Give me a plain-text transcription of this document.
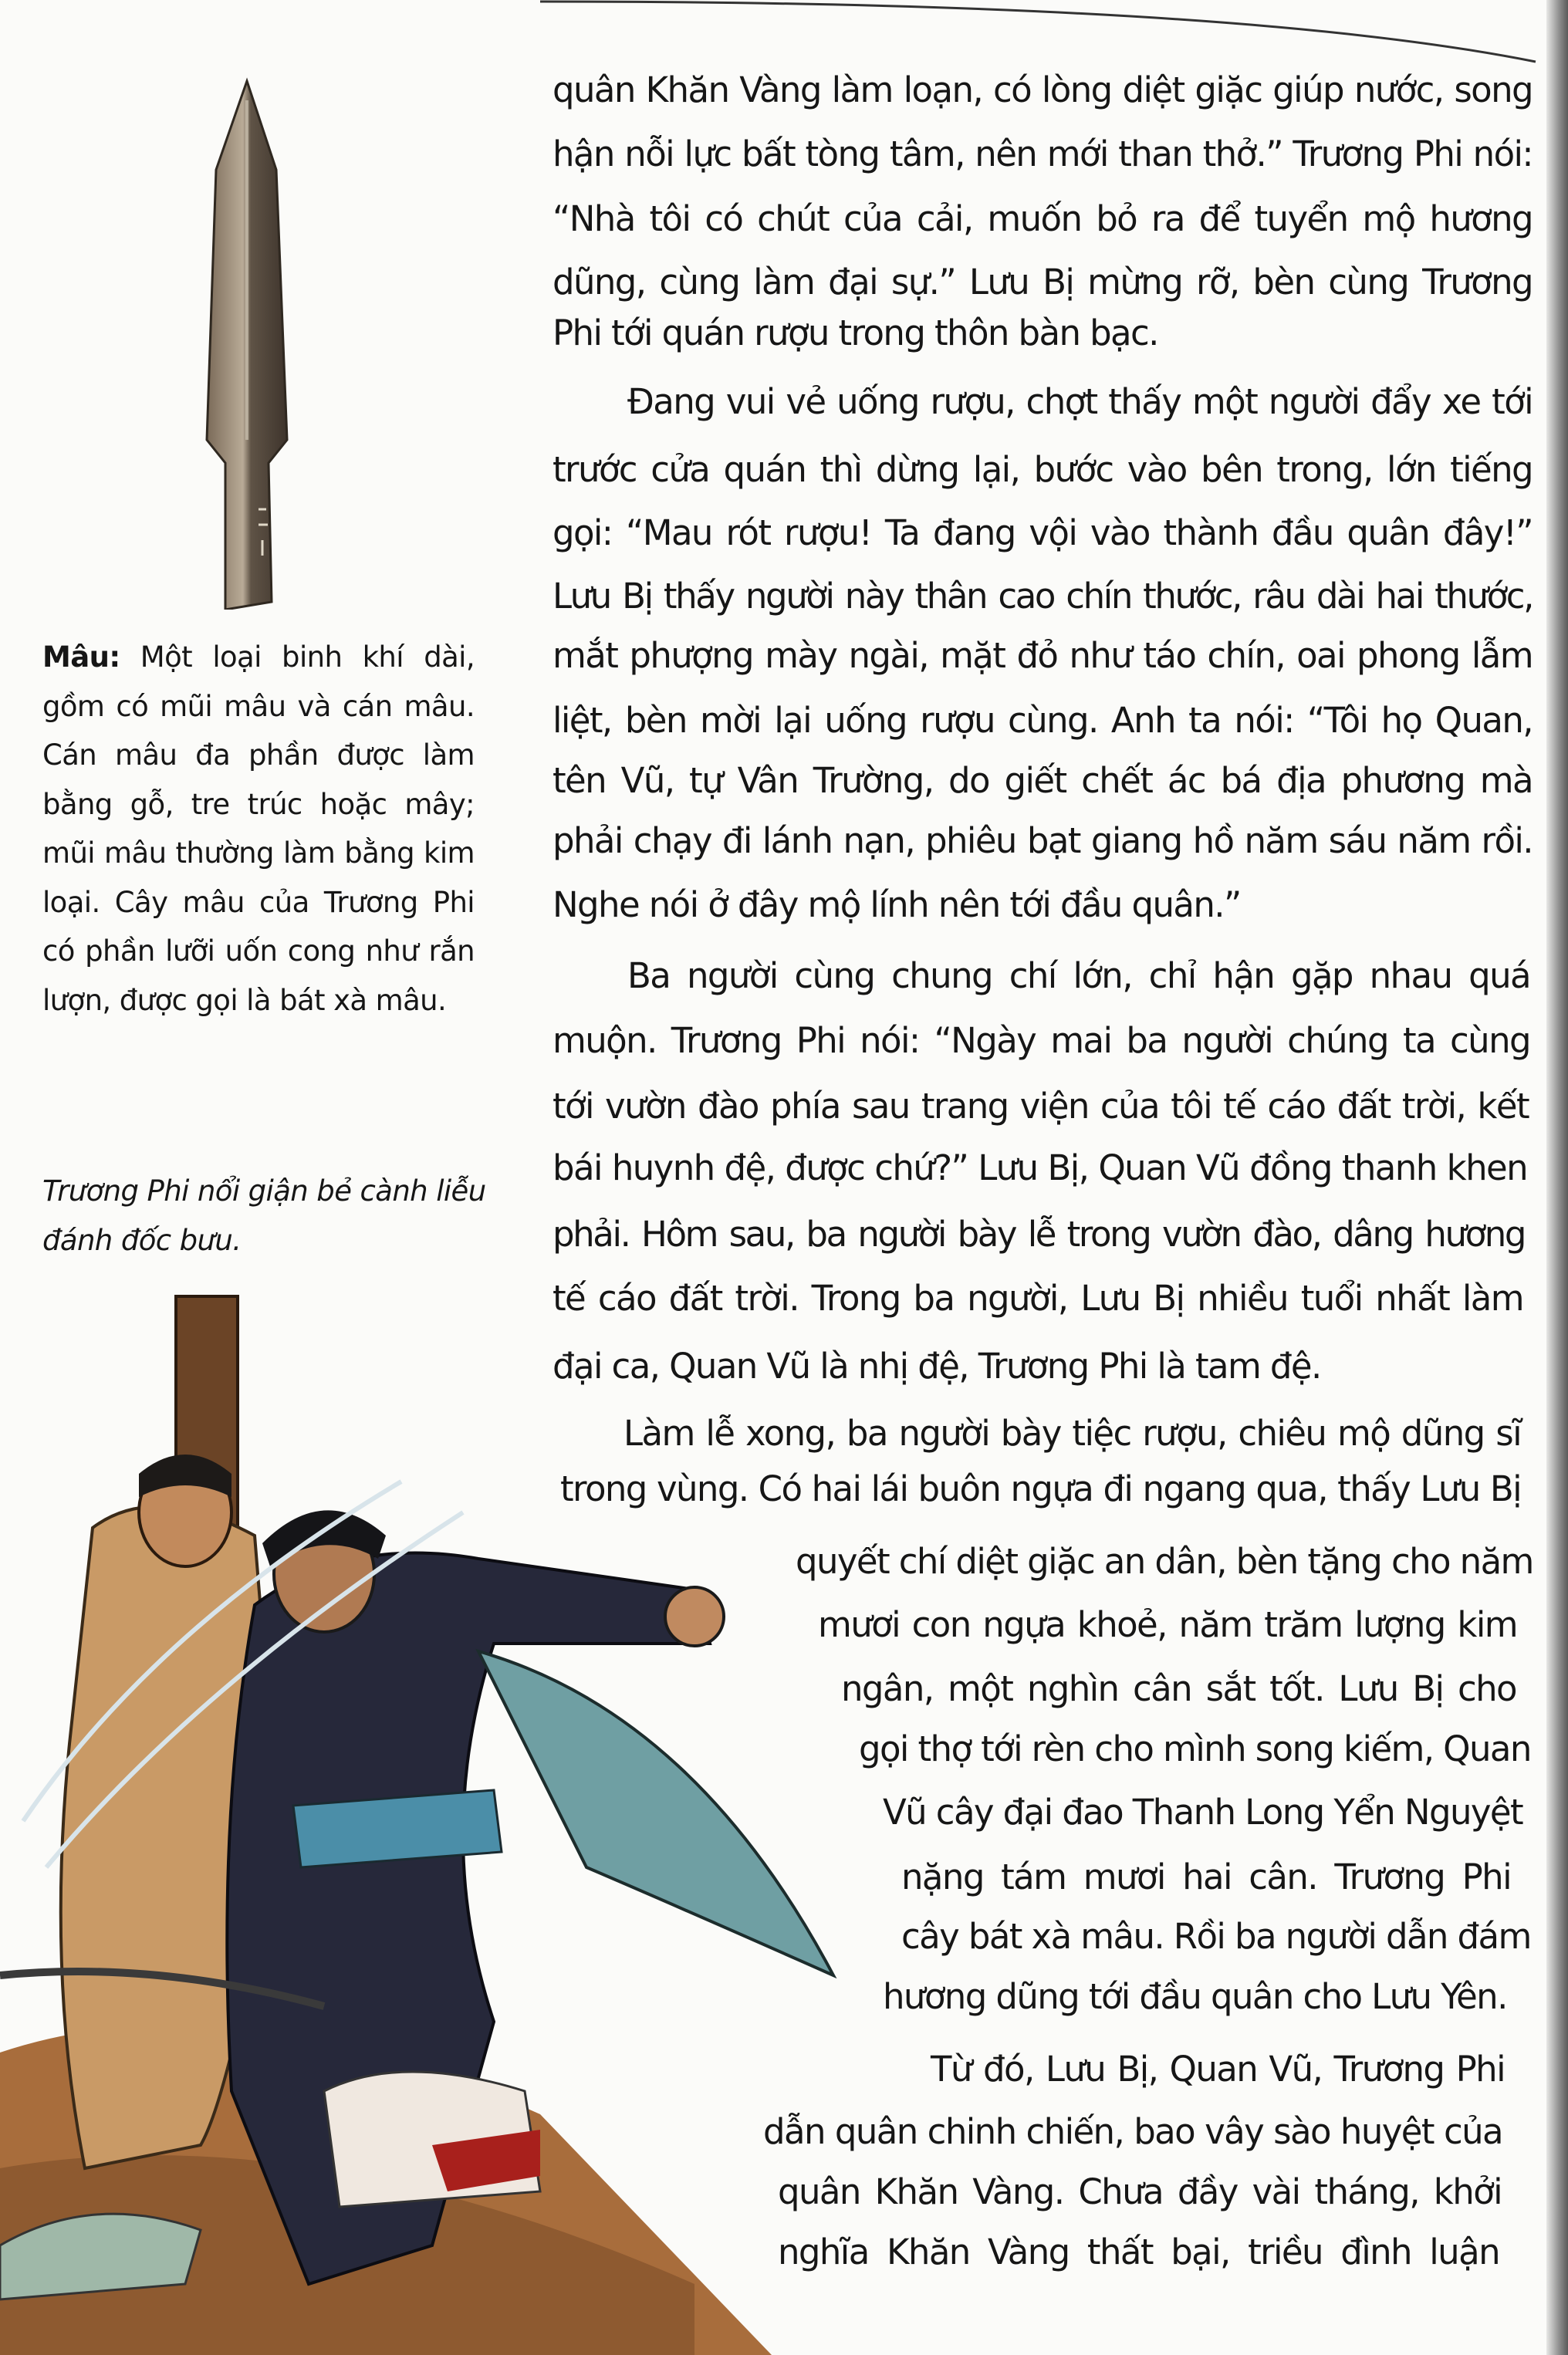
Mâu: Một loại binh khí dài,
gồm có mũi mâu và cán mâu.
Cán mâu đa phần được làm
bằng gỗ, tre trúc hoặc mây;
mũi mâu thường làm bằng kim
loại. Cây mâu của Trương Phi
có phần lưỡi uốn cong như rắn
lượn, được gọi là bát xà mâu.
Trương Phi nổi giận bẻ cành liễu
đánh đốc bưu.
quân Khăn Vàng làm loạn, có lòng diệt giặc giúp nước, song
hận nỗi lực bất tòng tâm, nên mới than thở.” Trương Phi nói:
“Nhà tôi có chút của cải, muốn bỏ ra để tuyển mộ hương
dũng, cùng làm đại sự.” Lưu Bị mừng rỡ, bèn cùng Trương
Phi tới quán rượu trong thôn bàn bạc.
Đang vui vẻ uống rượu, chợt thấy một người đẩy xe tới
trước cửa quán thì dừng lại, bước vào bên trong, lớn tiếng
gọi: “Mau rót rượu! Ta đang vội vào thành đầu quân đây!”
Lưu Bị thấy người này thân cao chín thước, râu dài hai thước,
mắt phượng mày ngài, mặt đỏ như táo chín, oai phong lẫm
liệt, bèn mời lại uống rượu cùng. Anh ta nói: “Tôi họ Quan,
tên Vũ, tự Vân Trường, do giết chết ác bá địa phương mà
phải chạy đi lánh nạn, phiêu bạt giang hồ năm sáu năm rồi.
Nghe nói ở đây mộ lính nên tới đầu quân.”
Ba người cùng chung chí lớn, chỉ hận gặp nhau quá
muộn. Trương Phi nói: “Ngày mai ba người chúng ta cùng
tới vườn đào phía sau trang viện của tôi tế cáo đất trời, kết
bái huynh đệ, được chứ?” Lưu Bị, Quan Vũ đồng thanh khen
phải. Hôm sau, ba người bày lễ trong vườn đào, dâng hương
tế cáo đất trời. Trong ba người, Lưu Bị nhiều tuổi nhất làm
đại ca, Quan Vũ là nhị đệ, Trương Phi là tam đệ.
Làm lễ xong, ba người bày tiệc rượu, chiêu mộ dũng sĩ
trong vùng. Có hai lái buôn ngựa đi ngang qua, thấy Lưu Bị
quyết chí diệt giặc an dân, bèn tặng cho năm
mươi con ngựa khoẻ, năm trăm lượng kim
ngân, một nghìn cân sắt tốt. Lưu Bị cho
gọi thợ tới rèn cho mình song kiếm, Quan
Vũ cây đại đao Thanh Long Yển Nguyệt
nặng tám mươi hai cân. Trương Phi
cây bát xà mâu. Rồi ba người dẫn đám
hương dũng tới đầu quân cho Lưu Yên.
Từ đó, Lưu Bị, Quan Vũ, Trương Phi
dẫn quân chinh chiến, bao vây sào huyệt của
quân Khăn Vàng. Chưa đầy vài tháng, khởi
nghĩa Khăn Vàng thất bại, triều đình luận
